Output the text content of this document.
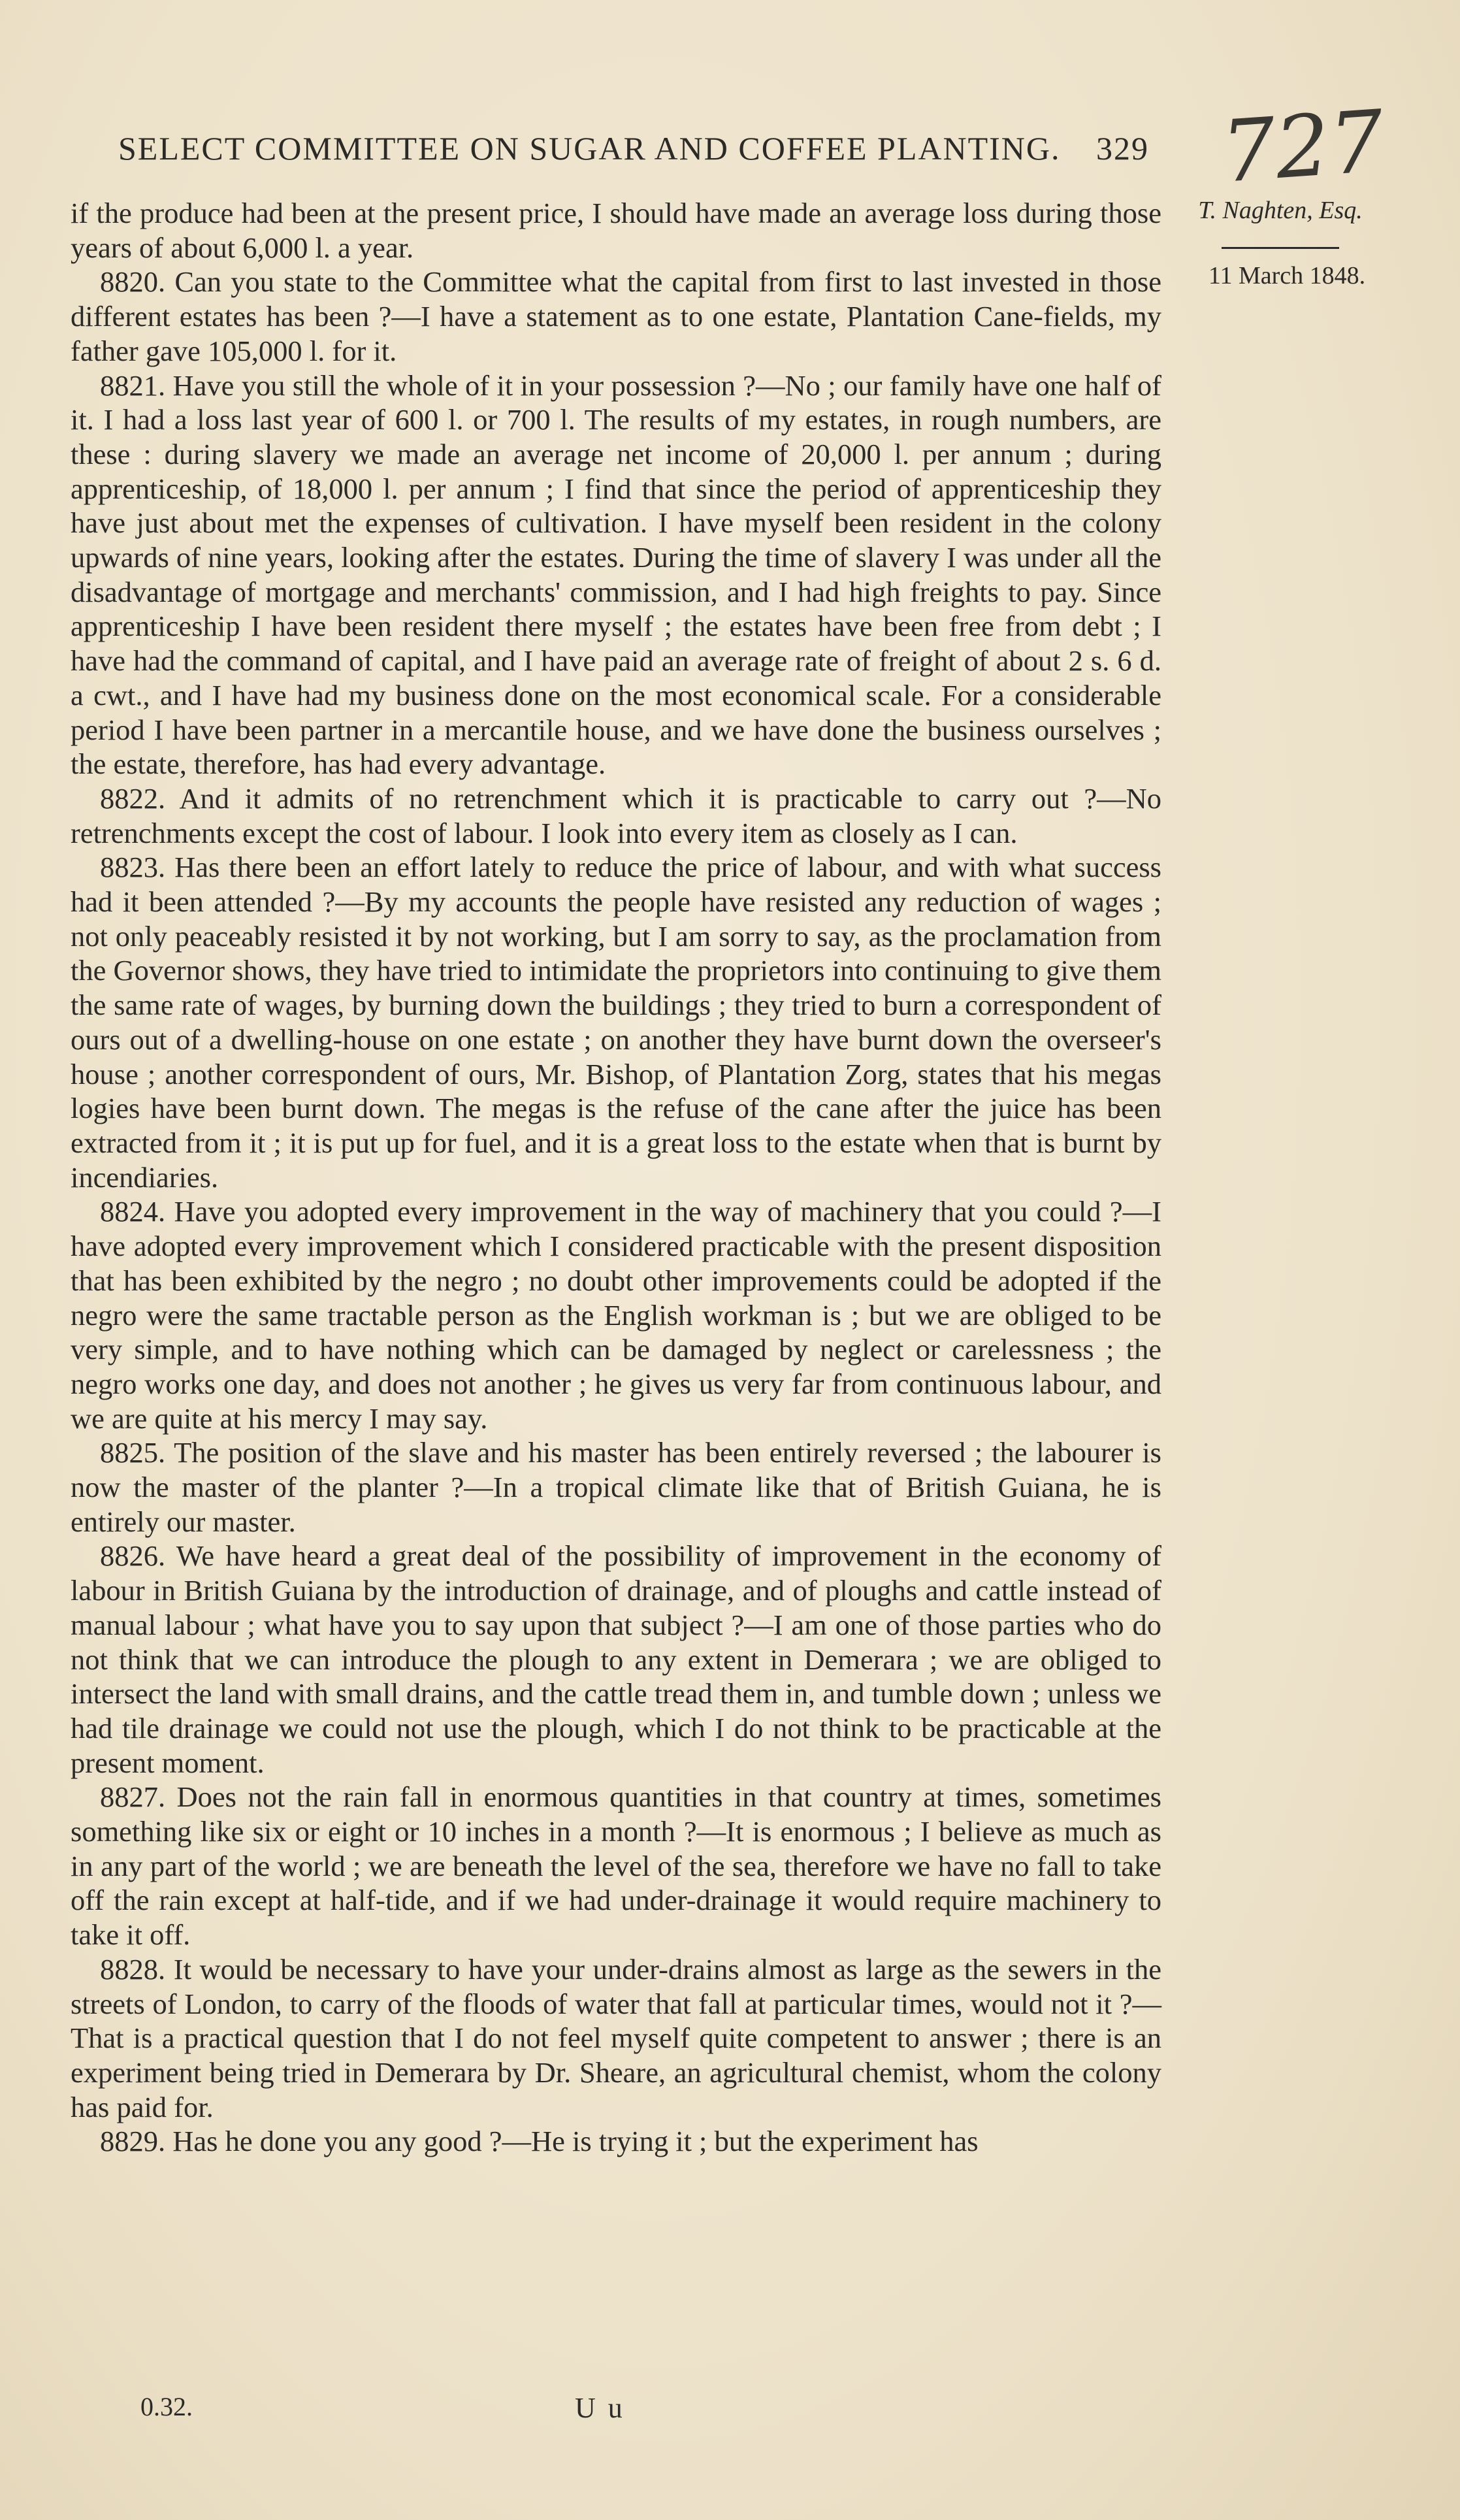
SELECT COMMITTEE ON SUGAR AND COFFEE PLANTING. 329 727
T. Naghten, Esq.
11 March 1848.

if the produce had been at the present price, I should have made an average loss during those years of about 6,000 l. a year.

8820. Can you state to the Committee what the capital from first to last invested in those different estates has been ?—I have a statement as to one estate, Plantation Cane-fields, my father gave 105,000 l. for it.

8821. Have you still the whole of it in your possession ?—No ; our family have one half of it. I had a loss last year of 600 l. or 700 l. The results of my estates, in rough numbers, are these : during slavery we made an average net income of 20,000 l. per annum ; during apprenticeship, of 18,000 l. per annum ; I find that since the period of apprenticeship they have just about met the expenses of cultivation. I have myself been resident in the colony upwards of nine years, looking after the estates. During the time of slavery I was under all the disadvantage of mortgage and merchants' commission, and I had high freights to pay. Since apprenticeship I have been resident there myself ; the estates have been free from debt ; I have had the command of capital, and I have paid an average rate of freight of about 2 s. 6 d. a cwt., and I have had my business done on the most economical scale. For a considerable period I have been partner in a mercantile house, and we have done the business ourselves ; the estate, therefore, has had every advantage.

8822. And it admits of no retrenchment which it is practicable to carry out ?—No retrenchments except the cost of labour. I look into every item as closely as I can.

8823. Has there been an effort lately to reduce the price of labour, and with what success had it been attended ?—By my accounts the people have resisted any reduction of wages ; not only peaceably resisted it by not working, but I am sorry to say, as the proclamation from the Governor shows, they have tried to intimidate the proprietors into continuing to give them the same rate of wages, by burning down the buildings ; they tried to burn a correspondent of ours out of a dwelling-house on one estate ; on another they have burnt down the overseer's house ; another correspondent of ours, Mr. Bishop, of Plantation Zorg, states that his megas logies have been burnt down. The megas is the refuse of the cane after the juice has been extracted from it ; it is put up for fuel, and it is a great loss to the estate when that is burnt by incendiaries.

8824. Have you adopted every improvement in the way of machinery that you could ?—I have adopted every improvement which I considered practicable with the present disposition that has been exhibited by the negro ; no doubt other improvements could be adopted if the negro were the same tractable person as the English workman is ; but we are obliged to be very simple, and to have nothing which can be damaged by neglect or carelessness ; the negro works one day, and does not another ; he gives us very far from continuous labour, and we are quite at his mercy I may say.

8825. The position of the slave and his master has been entirely reversed ; the labourer is now the master of the planter ?—In a tropical climate like that of British Guiana, he is entirely our master.

8826. We have heard a great deal of the possibility of improvement in the economy of labour in British Guiana by the introduction of drainage, and of ploughs and cattle instead of manual labour ; what have you to say upon that subject ?—I am one of those parties who do not think that we can introduce the plough to any extent in Demerara ; we are obliged to intersect the land with small drains, and the cattle tread them in, and tumble down ; unless we had tile drainage we could not use the plough, which I do not think to be practicable at the present moment.

8827. Does not the rain fall in enormous quantities in that country at times, sometimes something like six or eight or 10 inches in a month ?—It is enormous ; I believe as much as in any part of the world ; we are beneath the level of the sea, therefore we have no fall to take off the rain except at half-tide, and if we had under-drainage it would require machinery to take it off.

8828. It would be necessary to have your under-drains almost as large as the sewers in the streets of London, to carry of the floods of water that fall at particular times, would not it ?—That is a practical question that I do not feel myself quite competent to answer ; there is an experiment being tried in Demerara by Dr. Sheare, an agricultural chemist, whom the colony has paid for.

8829. Has he done you any good ?—He is trying it ; but the experiment has

0.32.	U u
